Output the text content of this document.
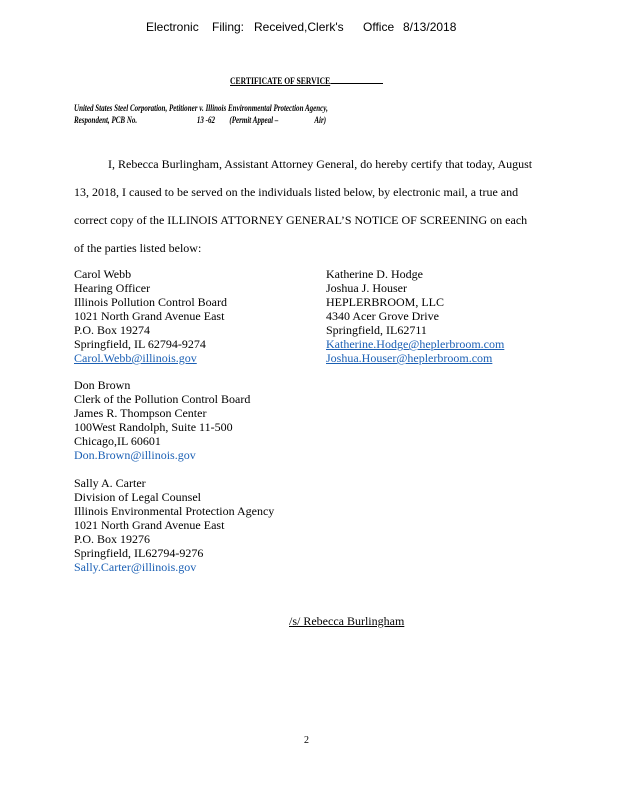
Electronic Filing: Received,Clerk's Office 8/13/2018
CERTIFICATE OF SERVICE
United States Steel Corporation, Petitioner v. Illinois Environmental Protection Agency,
Respondent, PCB No.	13 -62 (Permit Appeal –	Air)
I, Rebecca Burlingham, Assistant Attorney General, do hereby certify that today, August
13, 2018, I caused to be served on the individuals listed below, by electronic mail, a true and
correct copy of the ILLINOIS ATTORNEY GENERAL’S NOTICE OF SCREENING on each
of the parties listed below:
Carol Webb
Hearing Officer
Illinois Pollution Control Board
1021 North Grand Avenue East
P.O. Box 19274
Springfield, IL 62794-9274
Carol.Webb@illinois.gov
Katherine D. Hodge
Joshua J. Houser
HEPLERBROOM, LLC
4340 Acer Grove Drive
Springfield, IL62711
Katherine.Hodge@heplerbroom.com
Joshua.Houser@heplerbroom.com
Don Brown
Clerk of the Pollution Control Board
James R. Thompson Center
100West Randolph, Suite 11-500
Chicago,IL 60601
Don.Brown@illinois.gov
Sally A. Carter
Division of Legal Counsel
Illinois Environmental Protection Agency
1021 North Grand Avenue East
P.O. Box 19276
Springfield, IL62794-9276
Sally.Carter@illinois.gov
/s/ Rebecca Burlingham
2
